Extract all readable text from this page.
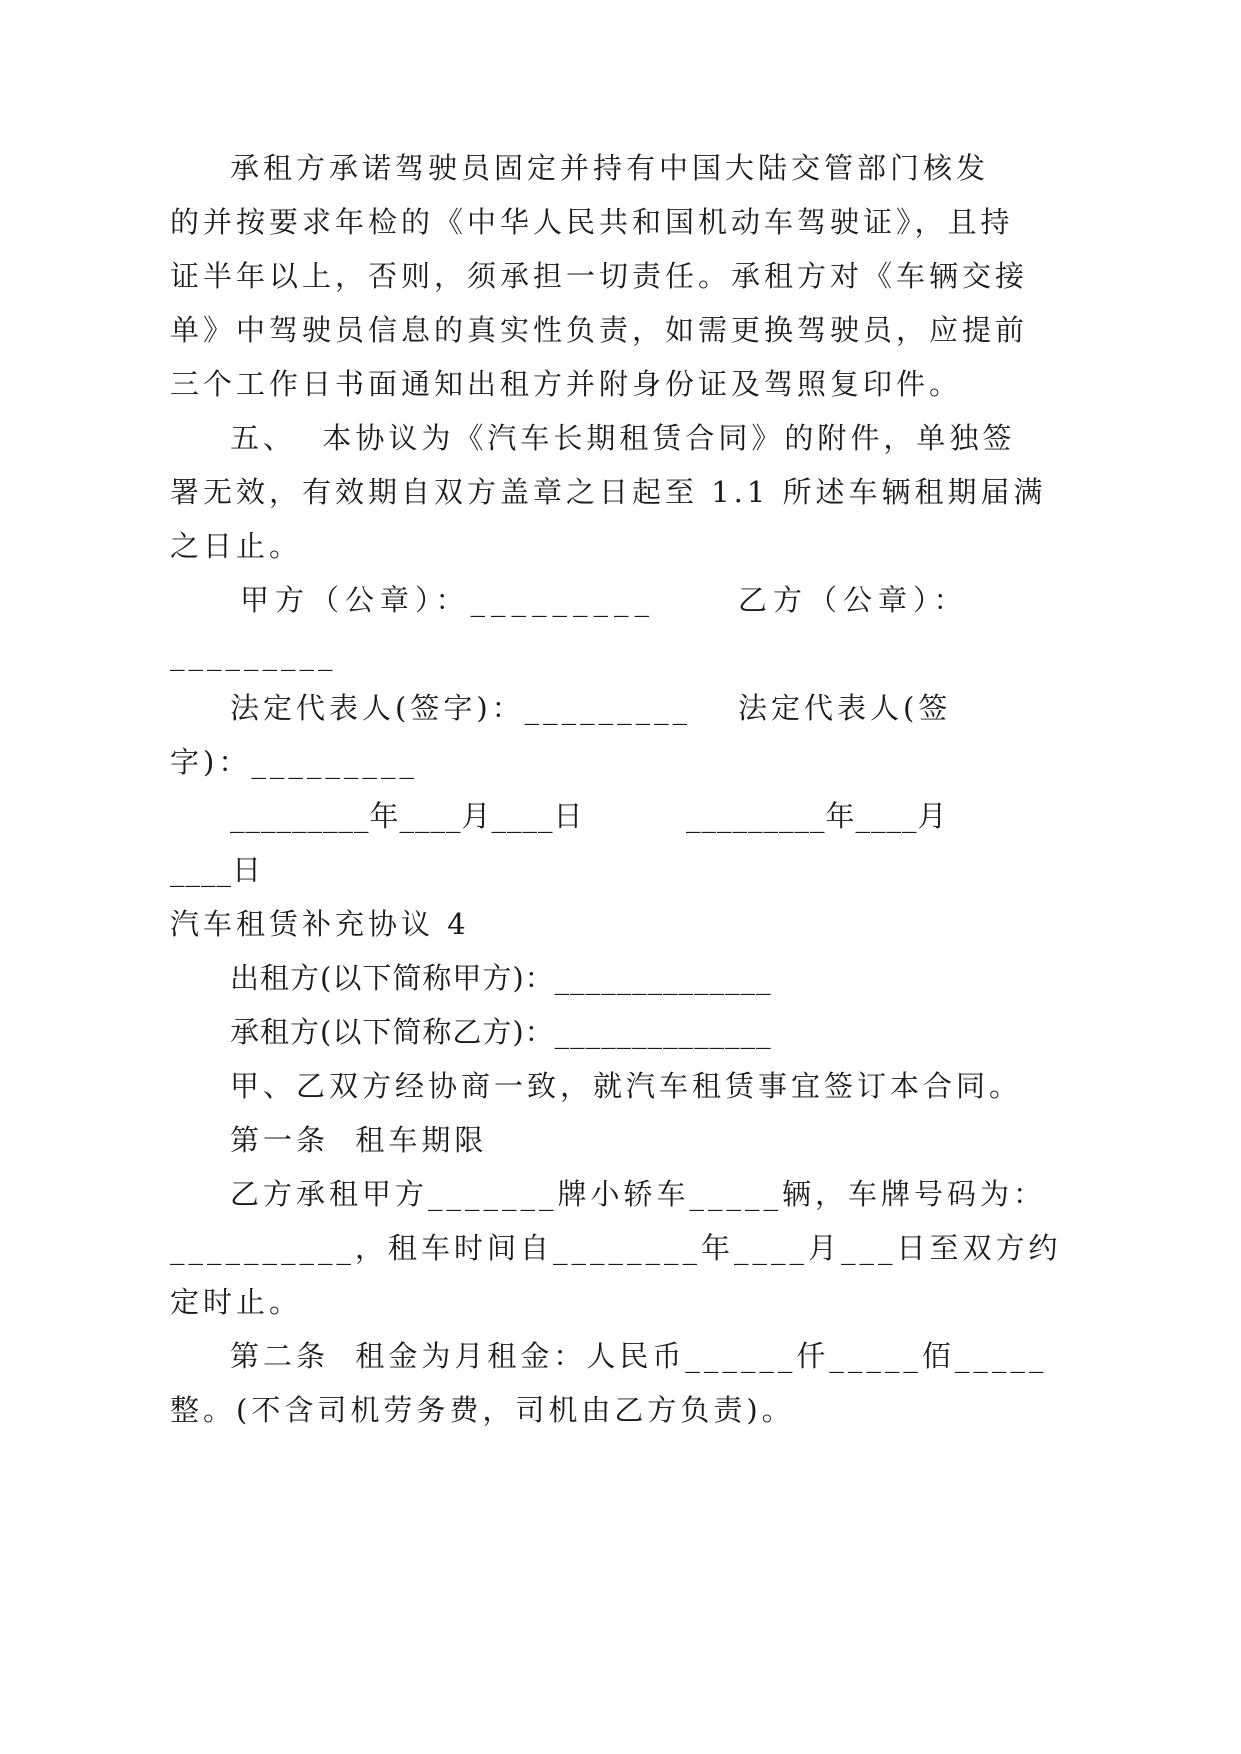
承租方承诺驾驶员固定并持有中国大陆交管部门核发
的并按要求年检的《中华人民共和国机动车驾驶证》，且持
证半年以上，否则，须承担一切责任。承租方对《车辆交接
单》中驾驶员信息的真实性负责，如需更换驾驶员，应提前
三个工作日书面通知出租方并附身份证及驾照复印件。
五、  本协议为《汽车长期租赁合同》的附件，单独签
署无效，有效期自双方盖章之日起至 1.1 所述车辆租期届满
之日止。
甲方（公章）：_________	乙方（公章）：
_________
法定代表人(签字)：_________ 法定代表人(签
字)：_________
_________年____月____日	_________年____月
____日
汽车租赁补充协议 4
出租方(以下简称甲方)：______________
承租方(以下简称乙方)：______________
甲、乙双方经协商一致，就汽车租赁事宜签订本合同。
第一条  租车期限
乙方承租甲方_______牌小轿车_____辆，车牌号码为：
__________，租车时间自________年____月___日至双方约
定时止。
第二条  租金为月租金：人民币______仟_____佰_____
整。(不含司机劳务费，司机由乙方负责)。
